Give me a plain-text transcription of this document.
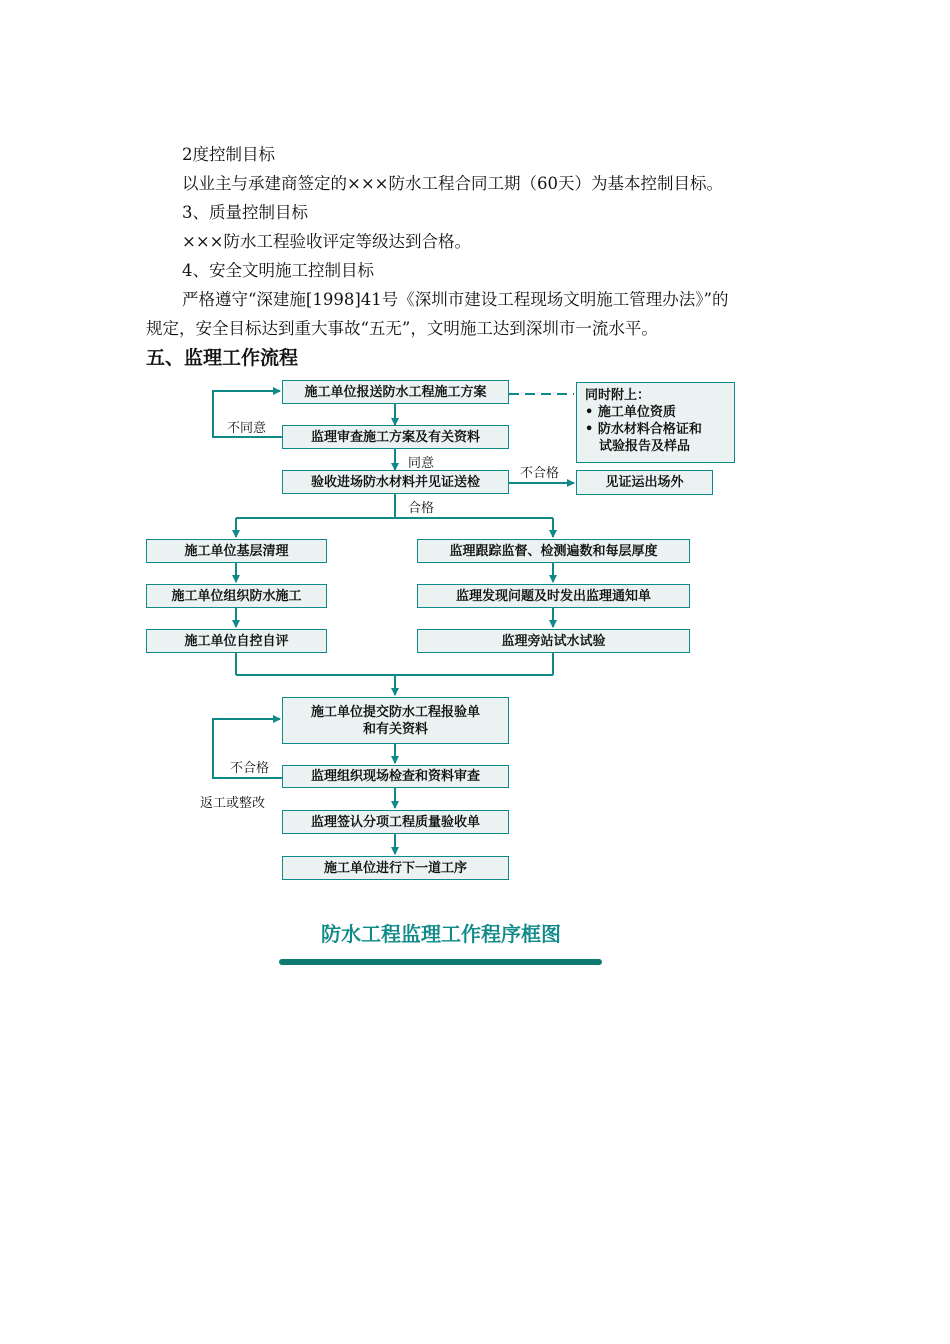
2度控制目标
以业主与承建商签定的×××防水工程合同工期（60天）为基本控制目标。
3、质量控制目标
×××防水工程验收评定等级达到合格。
4、安全文明施工控制目标
严格遵守“深建施[1998]41号《深圳市建设工程现场文明施工管理办法》”的
规定，安全目标达到重大事故“五无”，文明施工达到深圳市一流水平。
五、监理工作流程
施工单位报送防水工程施工方案
监理审查施工方案及有关资料
验收进场防水材料并见证送检	见证运出场外
同时附上：
• 施工单位资质
• 防水材料合格证和
试验报告及样品
施工单位基层清理
施工单位组织防水施工
施工单位自控自评
监理跟踪监督、检测遍数和每层厚度
监理发现问题及时发出监理通知单
监理旁站试水试验
施工单位提交防水工程报验单
和有关资料
监理组织现场检查和资料审查
监理签认分项工程质量验收单
施工单位进行下一道工序
不同意
同意
不合格
合格
不合格
返工或整改
防水工程监理工作程序框图
